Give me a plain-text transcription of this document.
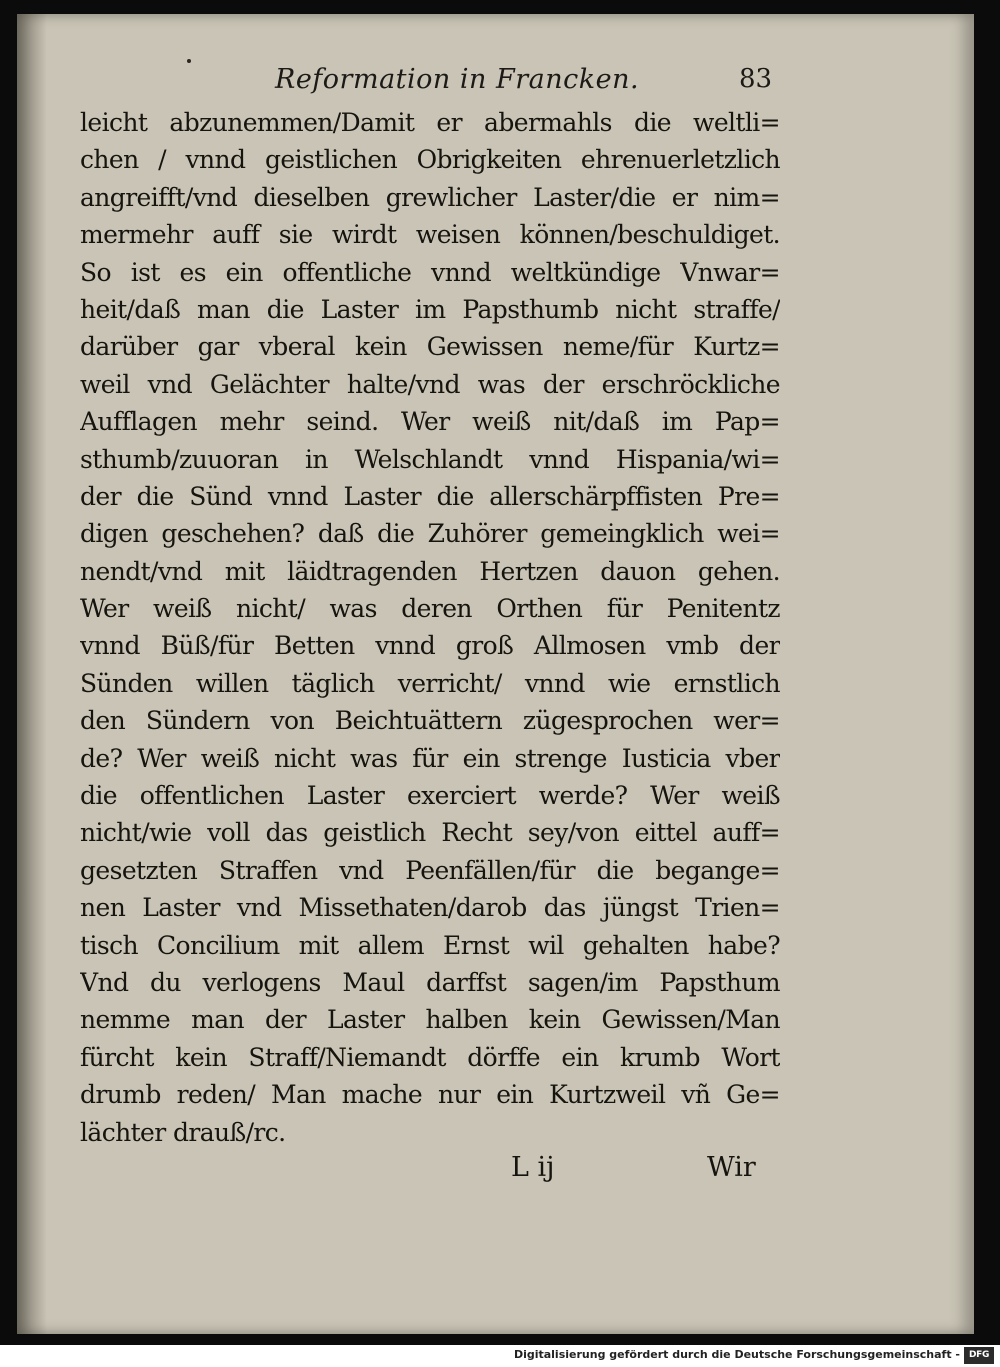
Reformation in Francken.	83
leicht abzunemmen/Damit er abermahls die weltli=
chen / vnnd geistlichen Obrigkeiten ehrenuerletzlich
angreifft/vnd dieselben grewlicher Laster/die er nim=
mermehr auff sie wirdt weisen können/beschuldiget.
So ist es ein offentliche vnnd weltkündige Vnwar=
heit/daß man die Laster im Papsthumb nicht straffe/
darüber gar vberal kein Gewissen neme/für Kurtz=
weil vnd Gelächter halte/vnd was der erschröckliche
Aufflagen mehr seind. Wer weiß nit/daß im Pap=
sthumb/zuuoran in Welschlandt vnnd Hispania/wi=
der die Sünd vnnd Laster die allerschärpffisten Pre=
digen geschehen? daß die Zuhörer gemeingklich wei=
nendt/vnd mit läidtragenden Hertzen dauon gehen.
Wer weiß nicht/ was deren Orthen für Penitentz
vnnd Büß/für Betten vnnd groß Allmosen vmb der
Sünden willen täglich verricht/ vnnd wie ernstlich
den Sündern von Beichtuättern zügesprochen wer=
de? Wer weiß nicht was für ein strenge Iusticia vber
die offentlichen Laster exerciert werde? Wer weiß
nicht/wie voll das geistlich Recht sey/von eittel auff=
gesetzten Straffen vnd Peenfällen/für die begange=
nen Laster vnd Missethaten/darob das jüngst Trien=
tisch Concilium mit allem Ernst wil gehalten habe?
Vnd du verlogens Maul darffst sagen/im Papsthum
nemme man der Laster halben kein Gewissen/Man
fürcht kein Straff/Niemandt dörffe ein krumb Wort
drumb reden/ Man mache nur ein Kurtzweil vñ Ge=
lächter drauß/rc.
L ij	Wir
Digitalisierung gefördert durch die Deutsche Forschungsgemeinschaft - DFG
